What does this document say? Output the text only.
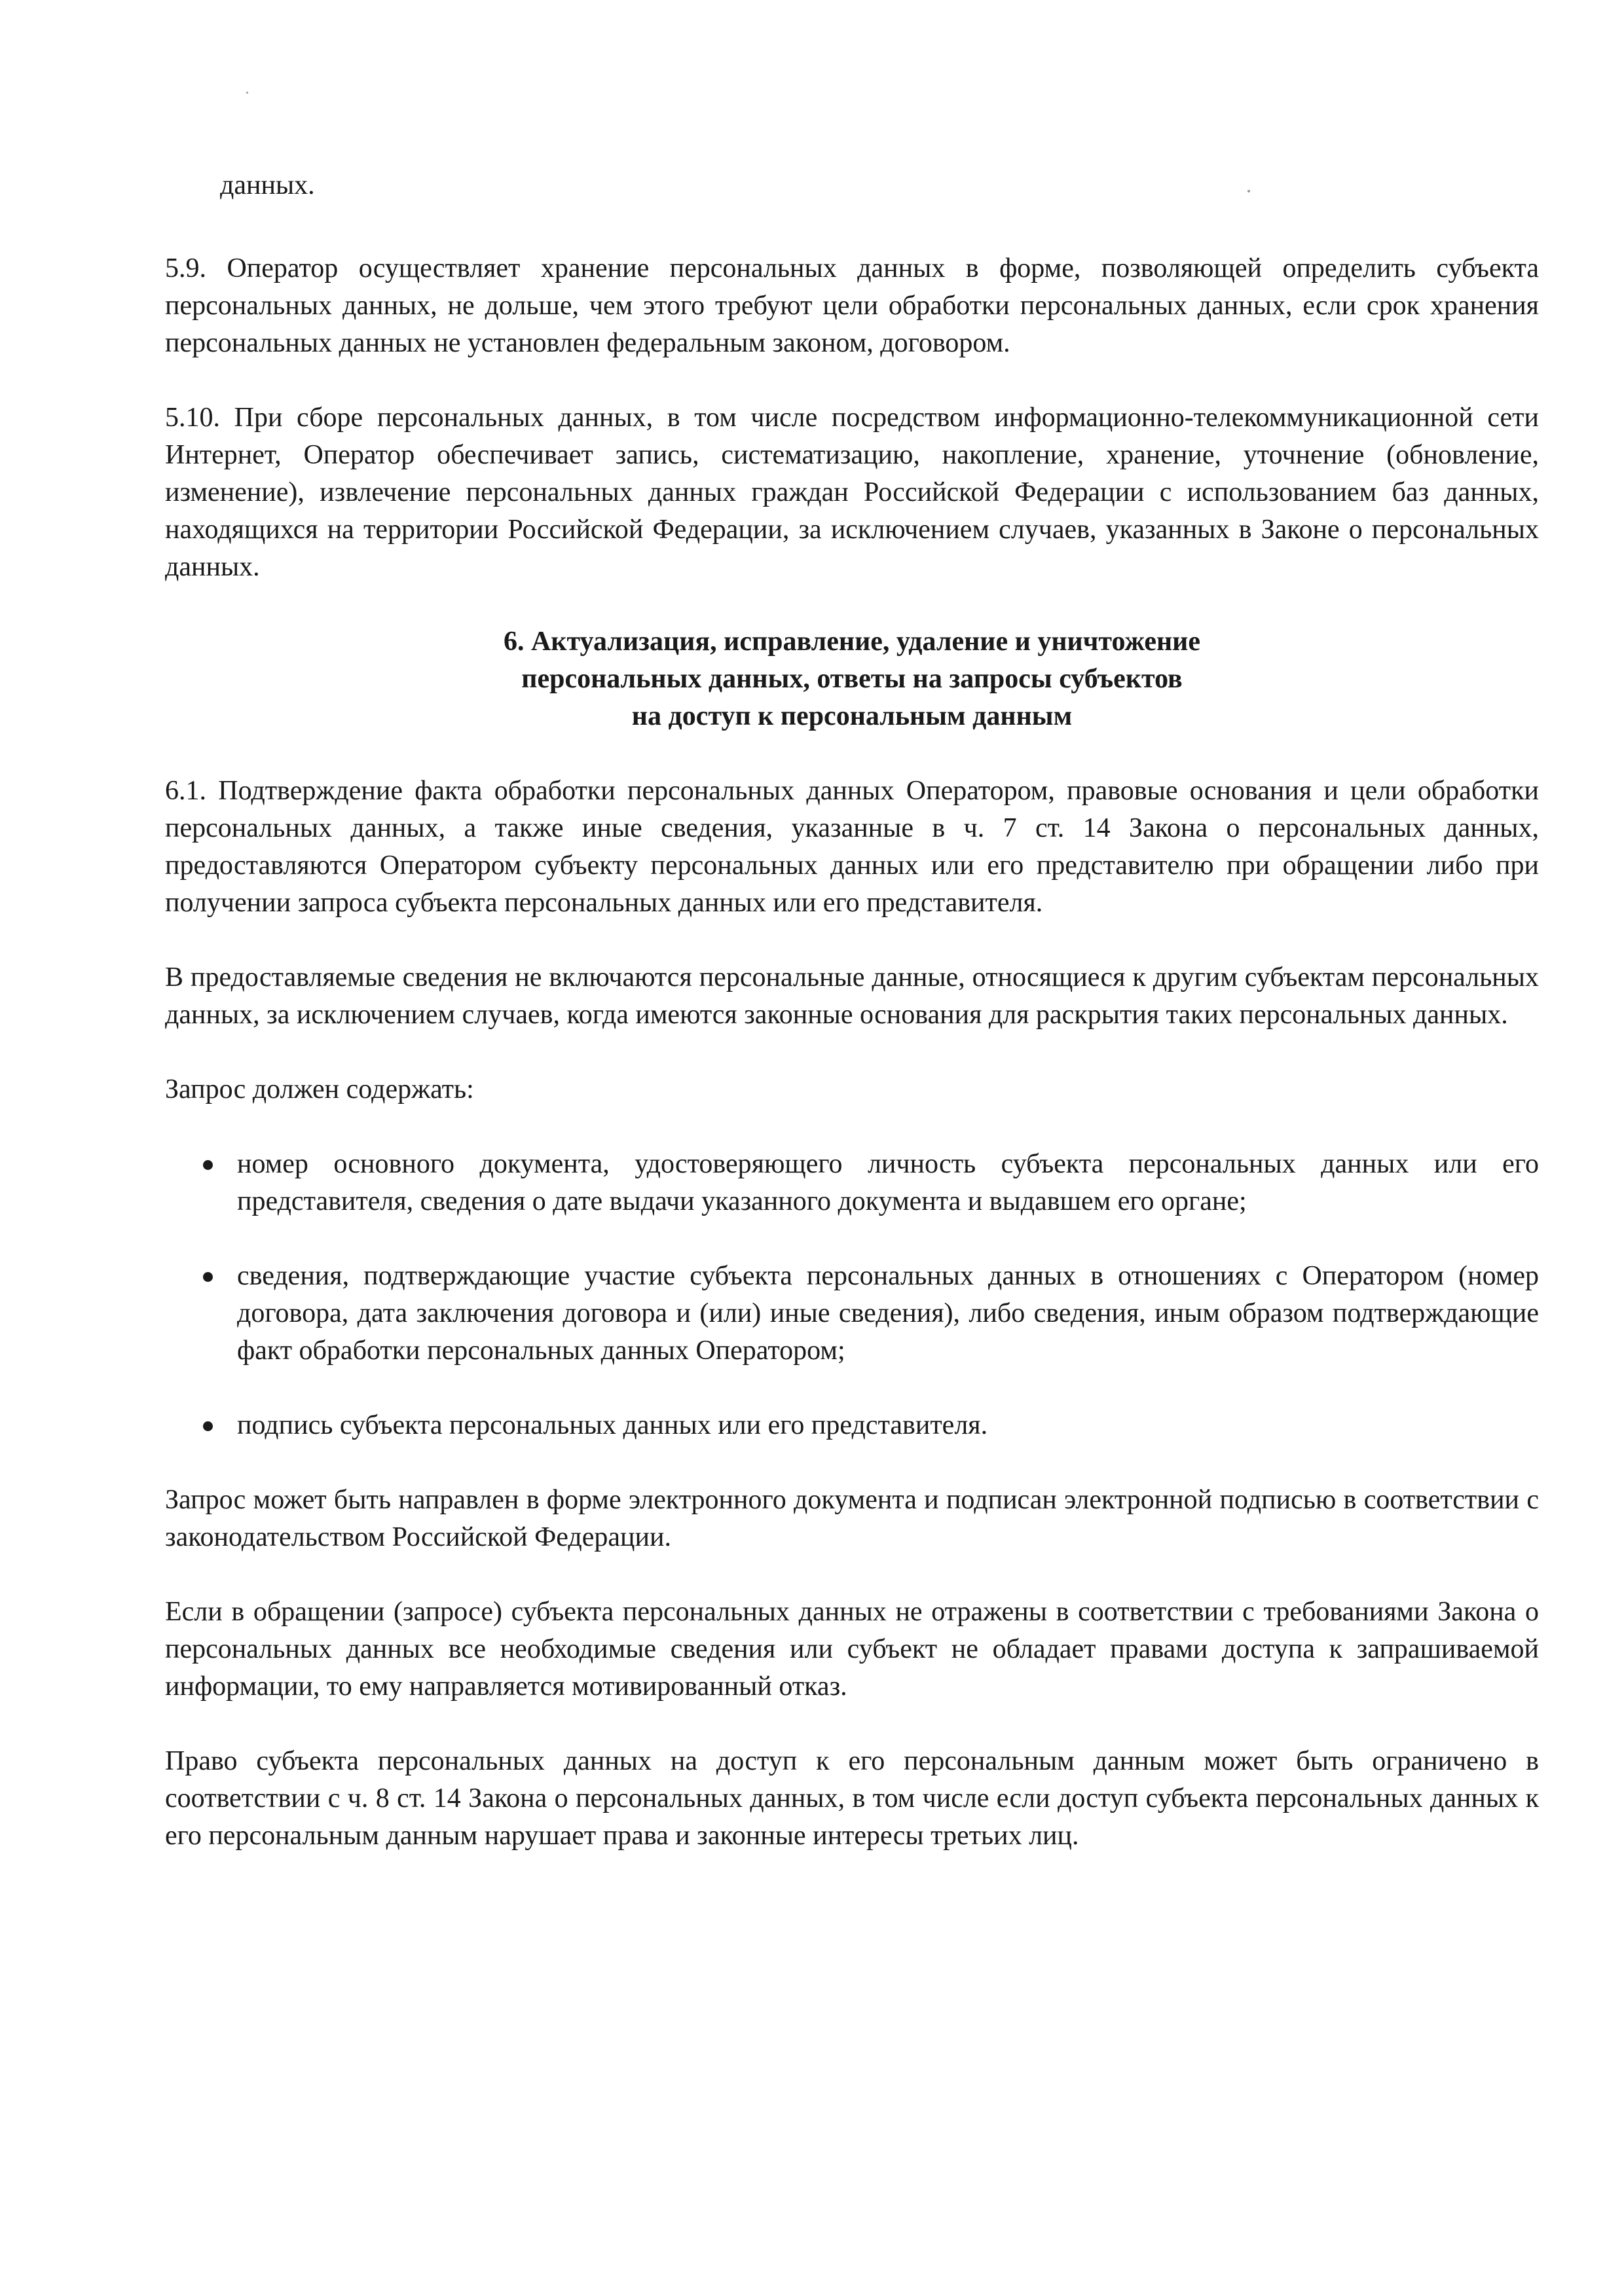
данных.

5.9. Оператор осуществляет хранение персональных данных в форме, позволяющей определить субъекта персональных данных, не дольше, чем этого требуют цели обработки персональных данных, если срок хранения персональных данных не установлен федеральным законом, договором.

5.10. При сборе персональных данных, в том числе посредством информационно-телекоммуникационной сети Интернет, Оператор обеспечивает запись, систематизацию, накопление, хранение, уточнение (обновление, изменение), извлечение персональных данных граждан Российской Федерации с использованием баз данных, находящихся на территории Российской Федерации, за исключением случаев, указанных в Законе о персональных данных.

6. Актуализация, исправление, удаление и уничтожение
персональных данных, ответы на запросы субъектов
на доступ к персональным данным

6.1. Подтверждение факта обработки персональных данных Оператором, правовые основания и цели обработки персональных данных, а также иные сведения, указанные в ч. 7 ст. 14 Закона о персональных данных, предоставляются Оператором субъекту персональных данных или его представителю при обращении либо при получении запроса субъекта персональных данных или его представителя.

В предоставляемые сведения не включаются персональные данные, относящиеся к другим субъектам персональных данных, за исключением случаев, когда имеются законные основания для раскрытия таких персональных данных.

Запрос должен содержать:

номер основного документа, удостоверяющего личность субъекта персональных данных или его представителя, сведения о дате выдачи указанного документа и выдавшем его органе;
сведения, подтверждающие участие субъекта персональных данных в отношениях с Оператором (номер договора, дата заключения договора и (или) иные сведения), либо сведения, иным образом подтверждающие факт обработки персональных данных Оператором;
подпись субъекта персональных данных или его представителя.

Запрос может быть направлен в форме электронного документа и подписан электронной подписью в соответствии с законодательством Российской Федерации.

Если в обращении (запросе) субъекта персональных данных не отражены в соответствии с требованиями Закона о персональных данных все необходимые сведения или субъект не обладает правами доступа к запрашиваемой информации, то ему направляется мотивированный отказ.

Право субъекта персональных данных на доступ к его персональным данным может быть ограничено в соответствии с ч. 8 ст. 14 Закона о персональных данных, в том числе если доступ субъекта персональных данных к его персональным данным нарушает права и законные интересы третьих лиц.
